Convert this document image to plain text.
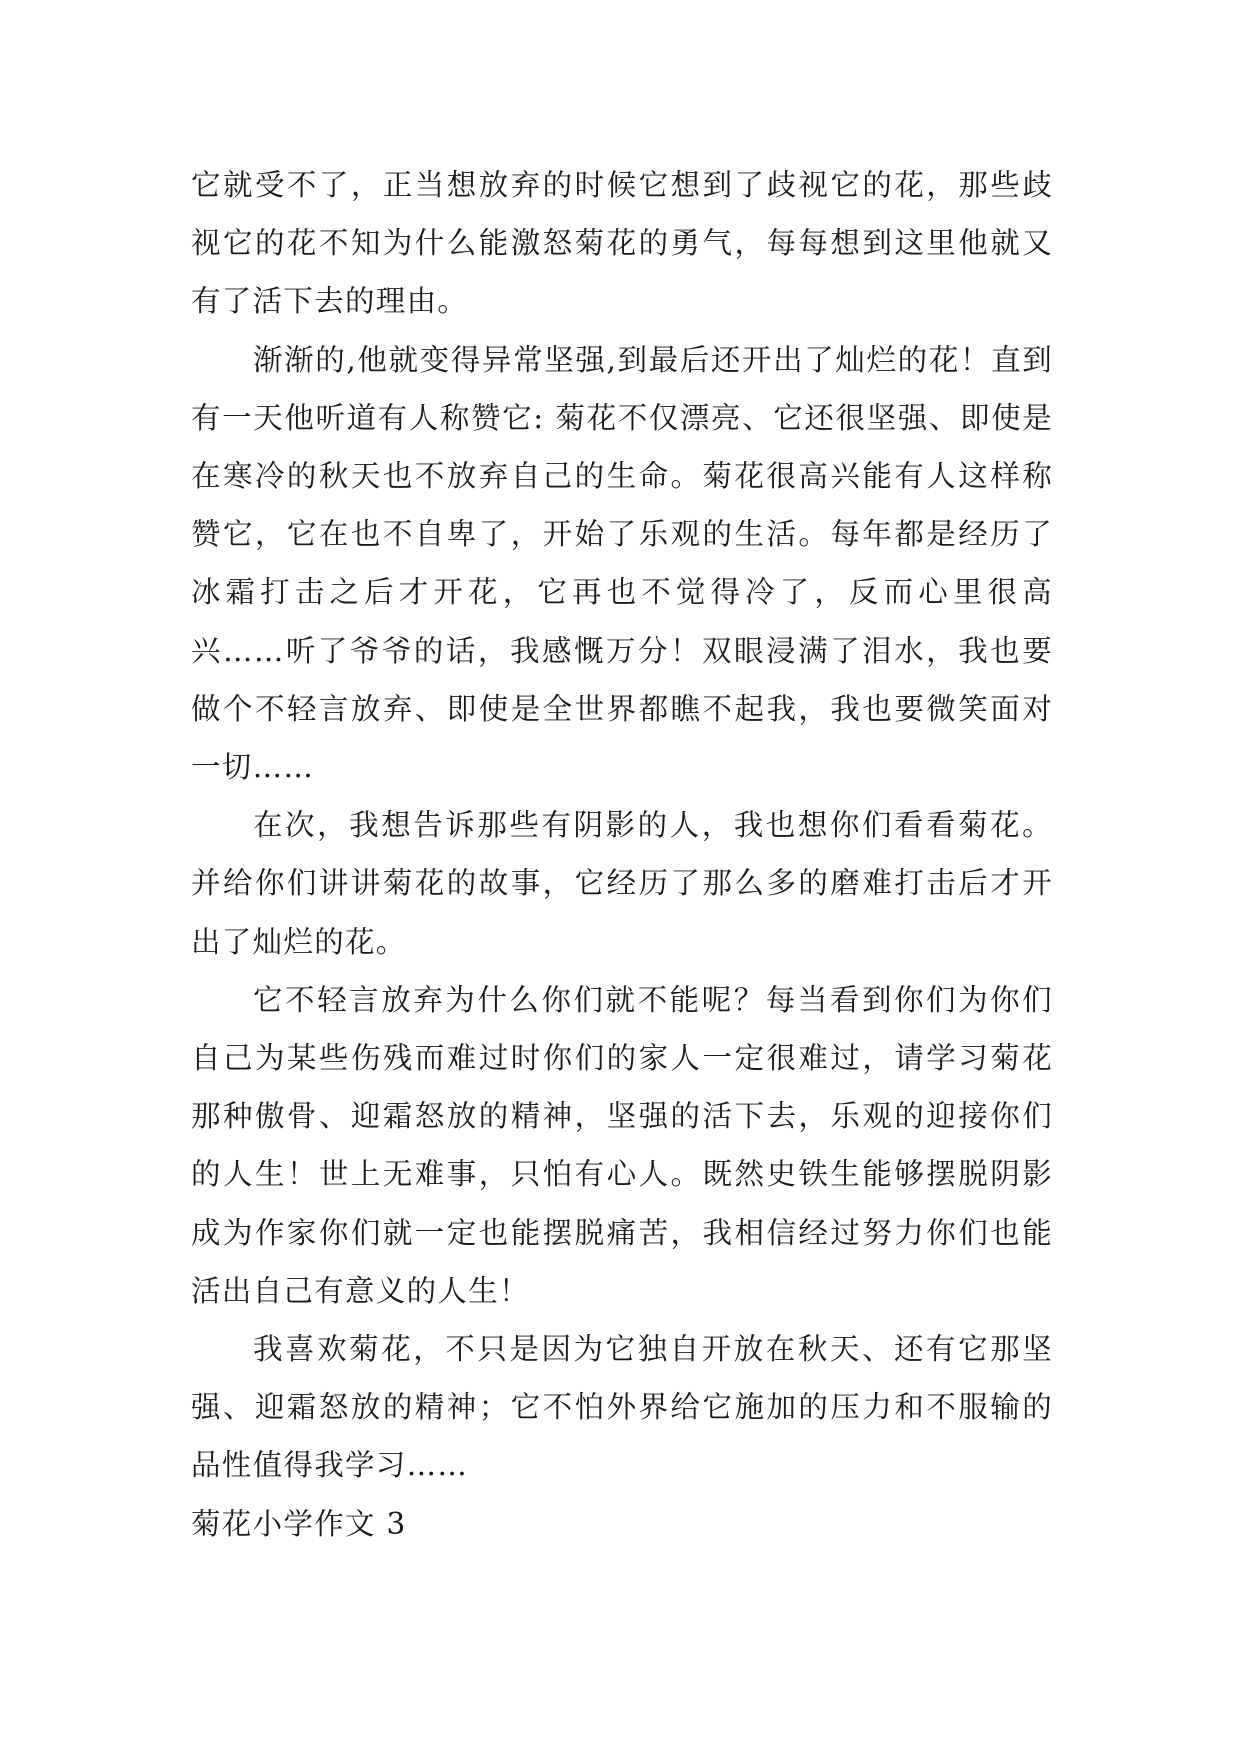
它就受不了，正当想放弃的时候它想到了歧视它的花，那些歧视它的花不知为什么能激怒菊花的勇气，每每想到这里他就又有了活下去的理由。

渐渐的,他就变得异常坚强,到最后还开出了灿烂的花！直到有一天他听道有人称赞它: 菊花不仅漂亮、它还很坚强、即使是在寒冷的秋天也不放弃自己的生命。菊花很高兴能有人这样称赞它，它在也不自卑了，开始了乐观的生活。每年都是经历了冰霜打击之后才开花，它再也不觉得冷了，反而心里很高兴……听了爷爷的话，我感慨万分！双眼浸满了泪水，我也要做个不轻言放弃、即使是全世界都瞧不起我，我也要微笑面对一切……

在次，我想告诉那些有阴影的人，我也想你们看看菊花。并给你们讲讲菊花的故事，它经历了那么多的磨难打击后才开出了灿烂的花。

它不轻言放弃为什么你们就不能呢？每当看到你们为你们自己为某些伤残而难过时你们的家人一定很难过，请学习菊花那种傲骨、迎霜怒放的精神，坚强的活下去，乐观的迎接你们的人生！世上无难事，只怕有心人。既然史铁生能够摆脱阴影成为作家你们就一定也能摆脱痛苦，我相信经过努力你们也能活出自己有意义的人生！

我喜欢菊花，不只是因为它独自开放在秋天、还有它那坚强、迎霜怒放的精神；它不怕外界给它施加的压力和不服输的品性值得我学习……

菊花小学作文 3
